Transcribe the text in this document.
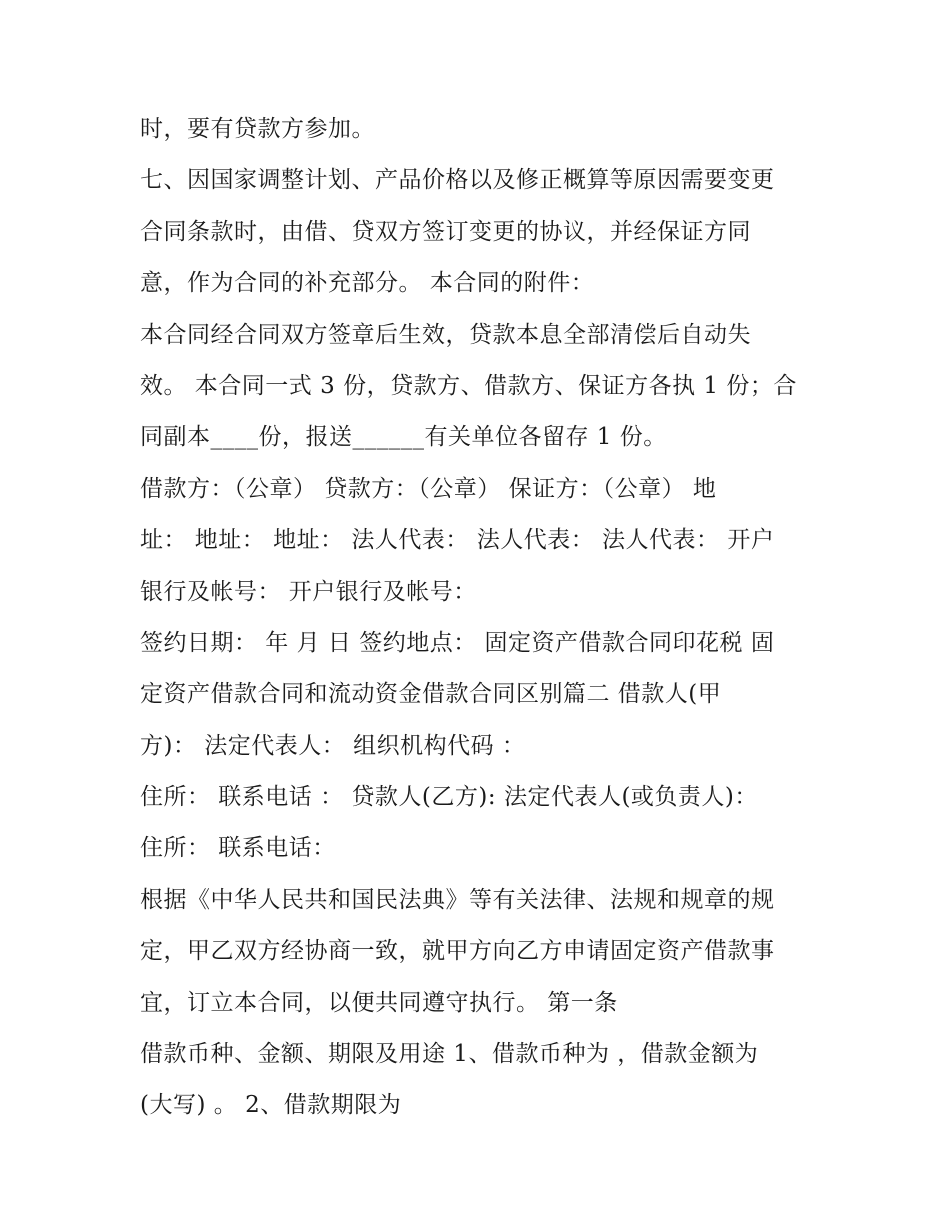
时，要有贷款方参加。
七、因国家调整计划、产品价格以及修正概算等原因需要变更
合同条款时，由借、贷双方签订变更的协议，并经保证方同
意，作为合同的补充部分。 本合同的附件：
本合同经合同双方签章后生效，贷款本息全部清偿后自动失
效。 本合同一式 3 份，贷款方、借款方、保证方各执 1 份；合
同副本____份，报送______有关单位各留存 1 份。
借款方：（公章） 贷款方：（公章） 保证方：（公章） 地
址： 地址： 地址： 法人代表： 法人代表： 法人代表： 开户
银行及帐号： 开户银行及帐号：
签约日期： 年 月 日 签约地点： 固定资产借款合同印花税 固
定资产借款合同和流动资金借款合同区别篇二 借款人(甲
方)： 法定代表人： 组织机构代码 ：
住所： 联系电话 ： 贷款人(乙方): 法定代表人(或负责人)：
住所： 联系电话：
根据《中华人民共和国民法典》等有关法律、法规和规章的规
定，甲乙双方经协商一致，就甲方向乙方申请固定资产借款事
宜，订立本合同，以便共同遵守执行。 第一条
借款币种、金额、期限及用途 1、借款币种为 ，借款金额为
(大写) 。 2、借款期限为
